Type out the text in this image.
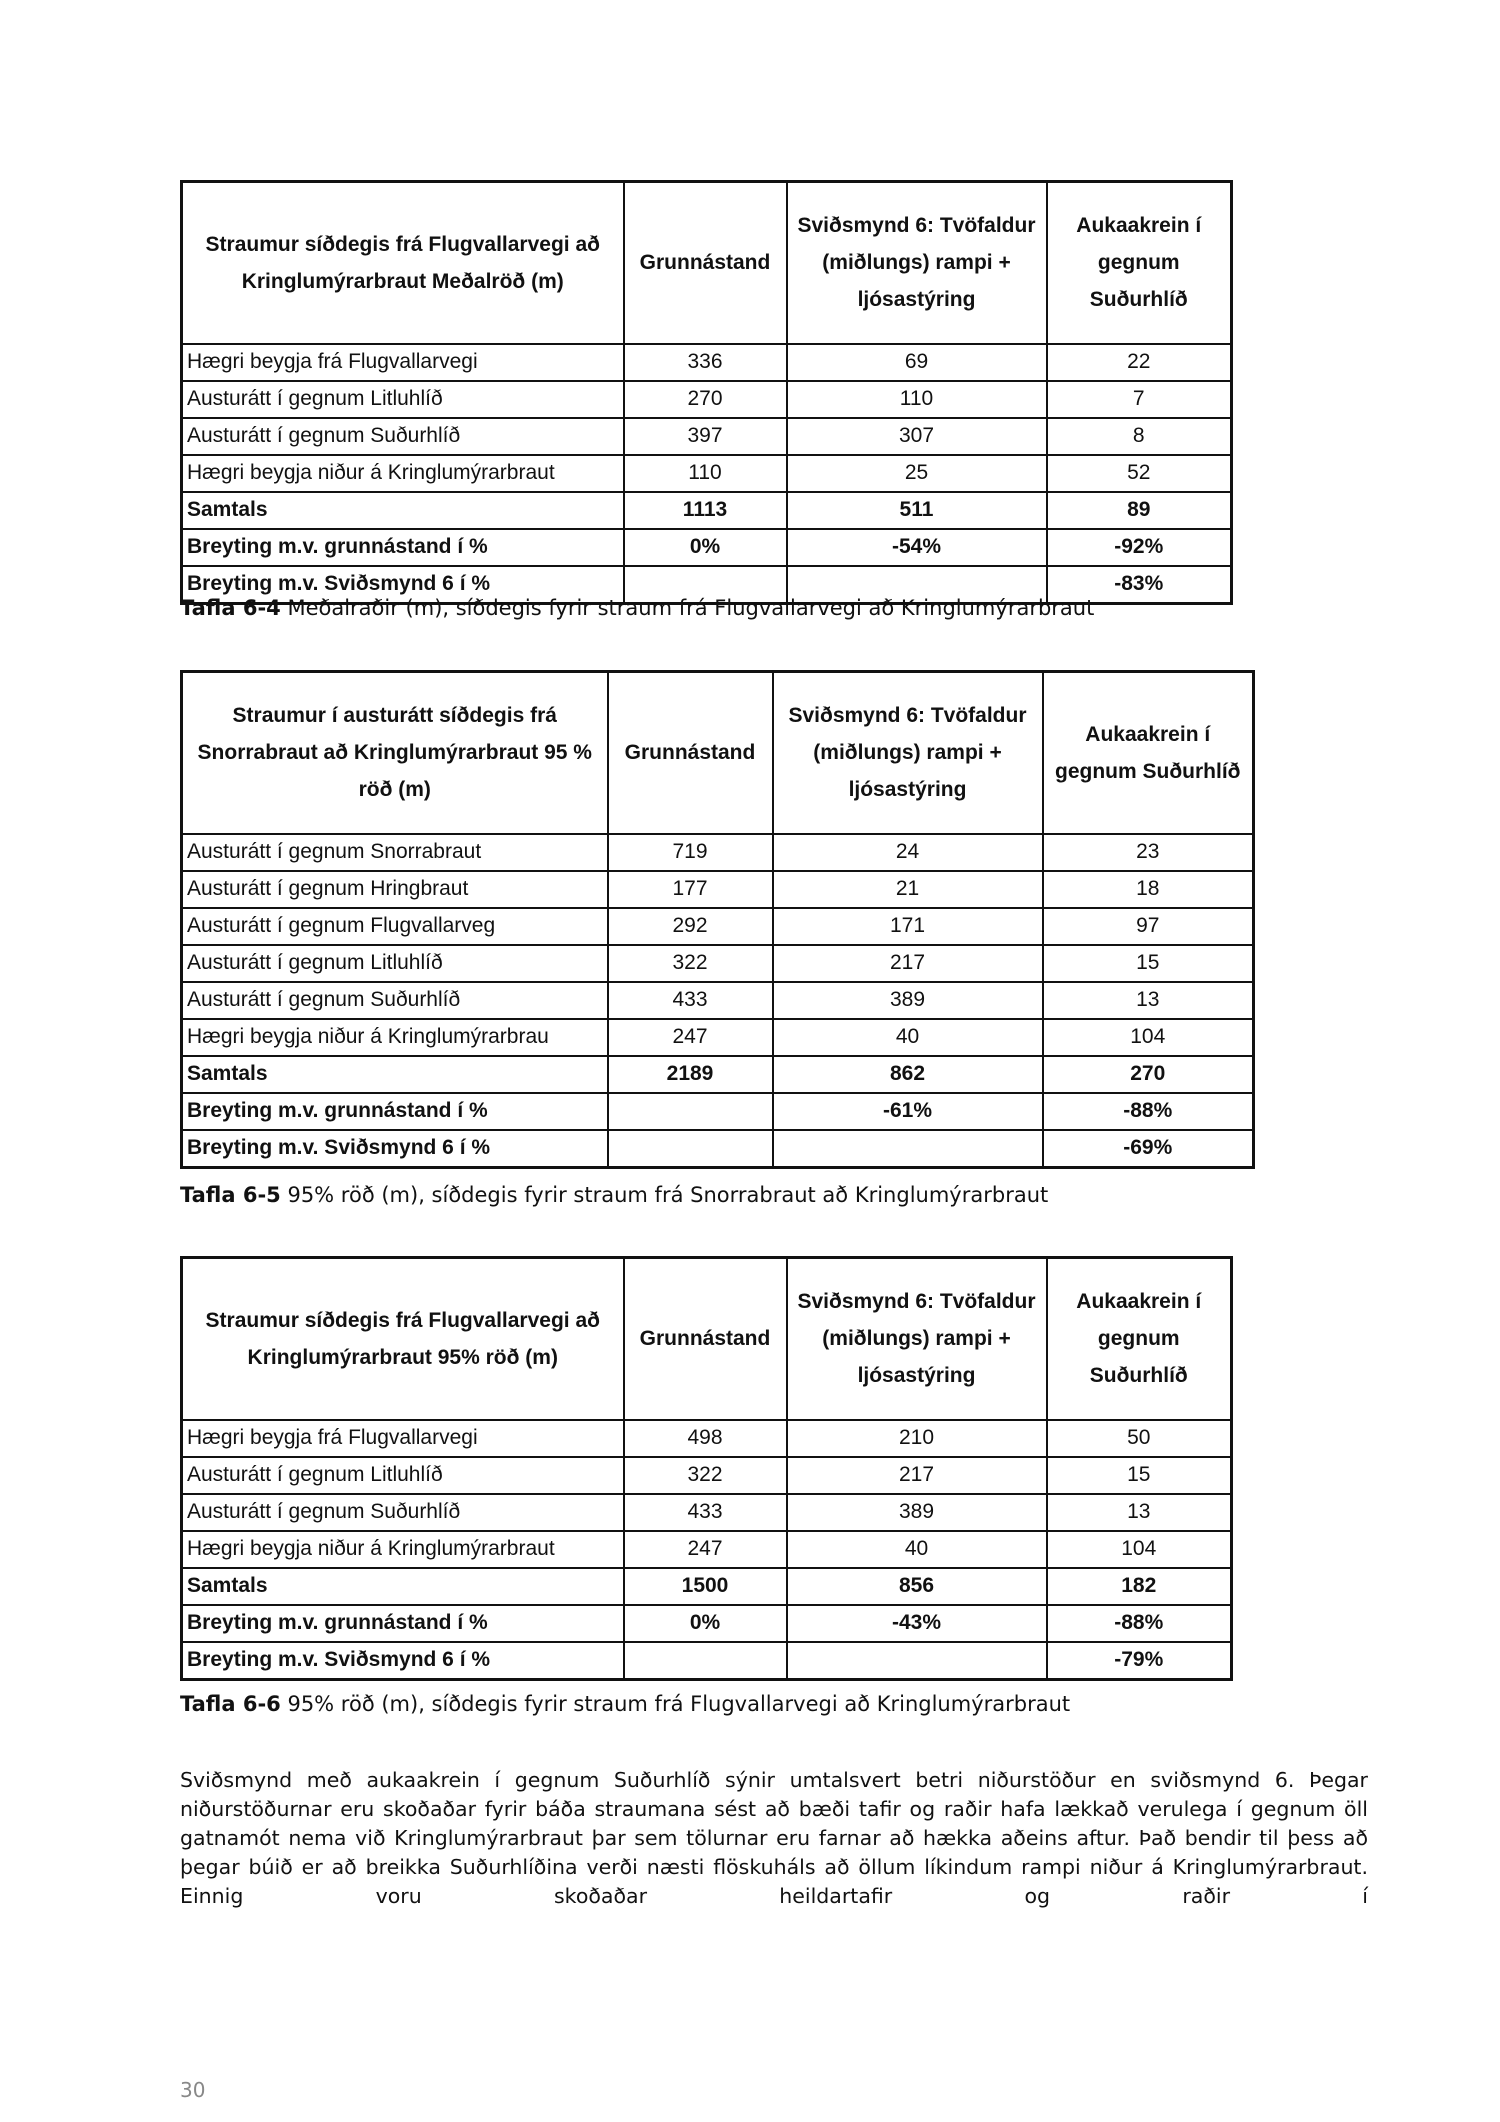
Straumur síðdegis frá Flugvallarvegi að Kringlumýrarbraut Meðalröð (m)	Grunnástand	Sviðsmynd 6: Tvöfaldur (miðlungs) rampi + ljósastýring	Aukaakrein í gegnum Suðurhlíð
Hægri beygja frá Flugvallarvegi	336	69	22
Austurátt í gegnum Litluhlíð	270	110	7
Austurátt í gegnum Suðurhlíð	397	307	8
Hægri beygja niður á Kringlumýrarbraut	110	25	52
Samtals	1113	511	89
Breyting m.v. grunnástand í %	0%	-54%	-92%
Breyting m.v. Sviðsmynd 6 í %			-83%
Tafla 6-4 Meðalraðir (m), síðdegis fyrir straum frá Flugvallarvegi að Kringlumýrarbraut
Straumur í austurátt síðdegis frá Snorrabraut að Kringlumýrarbraut 95 % röð (m)	Grunnástand	Sviðsmynd 6: Tvöfaldur (miðlungs) rampi + ljósastýring	Aukaakrein í gegnum Suðurhlíð
Austurátt í gegnum Snorrabraut	719	24	23
Austurátt í gegnum Hringbraut	177	21	18
Austurátt í gegnum Flugvallarveg	292	171	97
Austurátt í gegnum Litluhlíð	322	217	15
Austurátt í gegnum Suðurhlíð	433	389	13
Hægri beygja niður á Kringlumýrarbrau	247	40	104
Samtals	2189	862	270
Breyting m.v. grunnástand í %		-61%	-88%
Breyting m.v. Sviðsmynd 6 í %			-69%
Tafla 6-5 95% röð (m), síðdegis fyrir straum frá Snorrabraut að Kringlumýrarbraut
Straumur síðdegis frá Flugvallarvegi að Kringlumýrarbraut 95% röð (m)	Grunnástand	Sviðsmynd 6: Tvöfaldur (miðlungs) rampi + ljósastýring	Aukaakrein í gegnum Suðurhlíð
Hægri beygja frá Flugvallarvegi	498	210	50
Austurátt í gegnum Litluhlíð	322	217	15
Austurátt í gegnum Suðurhlíð	433	389	13
Hægri beygja niður á Kringlumýrarbraut	247	40	104
Samtals	1500	856	182
Breyting m.v. grunnástand í %	0%	-43%	-88%
Breyting m.v. Sviðsmynd 6 í %			-79%
Tafla 6-6 95% röð (m), síðdegis fyrir straum frá Flugvallarvegi að Kringlumýrarbraut
Sviðsmynd með aukaakrein í gegnum Suðurhlíð sýnir umtalsvert betri niðurstöður en sviðsmynd 6. Þegar niðurstöðurnar eru skoðaðar fyrir báða straumana sést að bæði tafir og raðir hafa lækkað verulega í gegnum öll gatnamót nema við Kringlumýrarbraut þar sem tölurnar eru farnar að hækka aðeins aftur. Það bendir til þess að þegar búið er að breikka Suðurhlíðina verði næsti flöskuháls að öllum líkindum rampi niður á Kringlumýrarbraut. Einnig voru skoðaðar heildartafir og raðir í
30
